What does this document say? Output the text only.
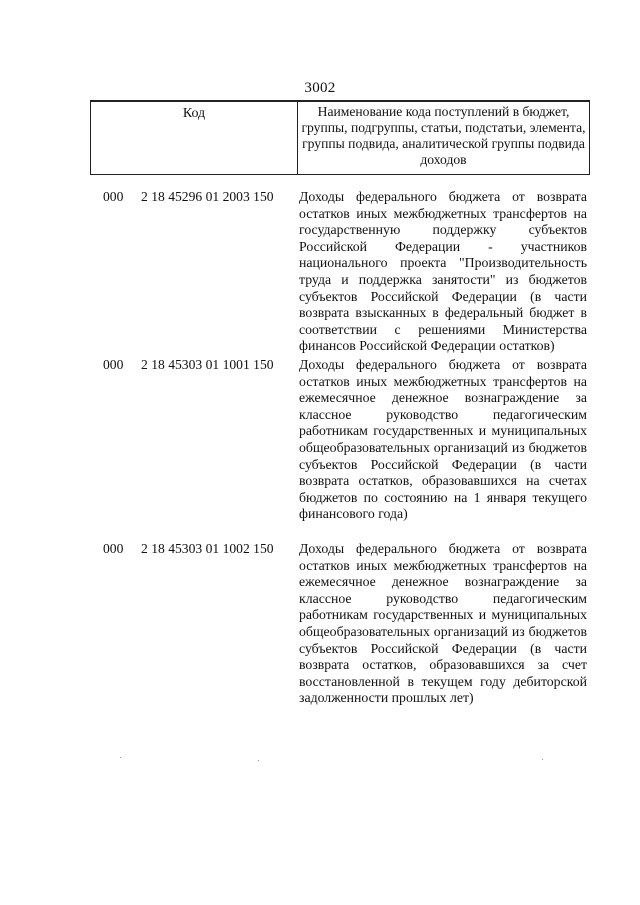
3002
Код	Наименование кода поступлений в бюджет, группы, подгруппы, статьи, подстатьи, элемента, группы подвида, аналитической группы подвида доходов
000 2 18 45296 01 2003 150 Доходы федерального бюджета от возврата остатков иных межбюджетных трансфертов на государственную поддержку субъектов Российской Федерации - участников национального проекта "Производительность труда и поддержка занятости" из бюджетов субъектов Российской Федерации (в части возврата взысканных в федеральный бюджет в соответствии с решениями Министерства финансов Российской Федерации остатков)
000 2 18 45303 01 1001 150 Доходы федерального бюджета от возврата остатков иных межбюджетных трансфертов на ежемесячное денежное вознаграждение за классное руководство педагогическим работникам государственных и муниципальных общеобразовательных организаций из бюджетов субъектов Российской Федерации (в части возврата остатков, образовавшихся на счетах бюджетов по состоянию на 1 января текущего финансового года)
000 2 18 45303 01 1002 150 Доходы федерального бюджета от возврата остатков иных межбюджетных трансфертов на ежемесячное денежное вознаграждение за классное руководство педагогическим работникам государственных и муниципальных общеобразовательных организаций из бюджетов субъектов Российской Федерации (в части возврата остатков, образовавшихся за счет восстановленной в текущем году дебиторской задолженности прошлых лет)
